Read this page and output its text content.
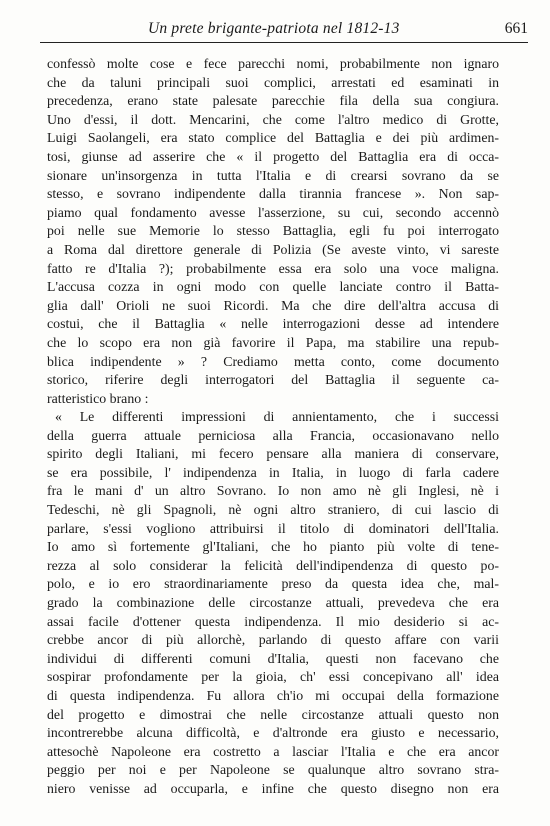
Un prete brigante-patriota nel 1812-13	661
confessò molte cose e fece parecchi nomi, probabilmente non ignaro
che da taluni principali suoi complici, arrestati ed esaminati in
precedenza, erano state palesate parecchie fila della sua congiura.
Uno d'essi, il dott. Mencarini, che come l'altro medico di Grotte,
Luigi Saolangeli, era stato complice del Battaglia e dei più ardimen-
tosi, giunse ad asserire che « il progetto del Battaglia era di occa-
sionare un'insorgenza in tutta l'Italia e di crearsi sovrano da se
stesso, e sovrano indipendente dalla tirannia francese ». Non sap-
piamo qual fondamento avesse l'asserzione, su cui, secondo accennò
poi nelle sue Memorie lo stesso Battaglia, egli fu poi interrogato
a Roma dal direttore generale di Polizia (Se aveste vinto, vi sareste
fatto re d'Italia ?); probabilmente essa era solo una voce maligna.
L'accusa cozza in ogni modo con quelle lanciate contro il Batta-
glia dall' Orioli ne suoi Ricordi. Ma che dire dell'altra accusa di
costui, che il Battaglia « nelle interrogazioni desse ad intendere
che lo scopo era non già favorire il Papa, ma stabilire una repub-
blica indipendente » ? Crediamo metta conto, come documento
storico, riferire degli interrogatori del Battaglia il seguente ca-
ratteristico brano :
« Le differenti impressioni di annientamento, che i successi
della guerra attuale perniciosa alla Francia, occasionavano nello
spirito degli Italiani, mi fecero pensare alla maniera di conservare,
se era possibile, l' indipendenza in Italia, in luogo di farla cadere
fra le mani d' un altro Sovrano. Io non amo nè gli Inglesi, nè i
Tedeschi, nè gli Spagnoli, nè ogni altro straniero, di cui lascio di
parlare, s'essi vogliono attribuirsi il titolo di dominatori dell'Italia.
Io amo sì fortemente gl'Italiani, che ho pianto più volte di tene-
rezza al solo considerar la felicità dell'indipendenza di questo po-
polo, e io ero straordinariamente preso da questa idea che, mal-
grado la combinazione delle circostanze attuali, prevedeva che era
assai facile d'ottener questa indipendenza. Il mio desiderio si ac-
crebbe ancor di più allorchè, parlando di questo affare con varii
individui di differenti comuni d'Italia, questi non facevano che
sospirar profondamente per la gioia, ch' essi concepivano all' idea
di questa indipendenza. Fu allora ch'io mi occupai della formazione
del progetto e dimostrai che nelle circostanze attuali questo non
incontrerebbe alcuna difficoltà, e d'altronde era giusto e necessario,
attesochè Napoleone era costretto a lasciar l'Italia e che era ancor
peggio per noi e per Napoleone se qualunque altro sovrano stra-
niero venisse ad occuparla, e infine che questo disegno non era
